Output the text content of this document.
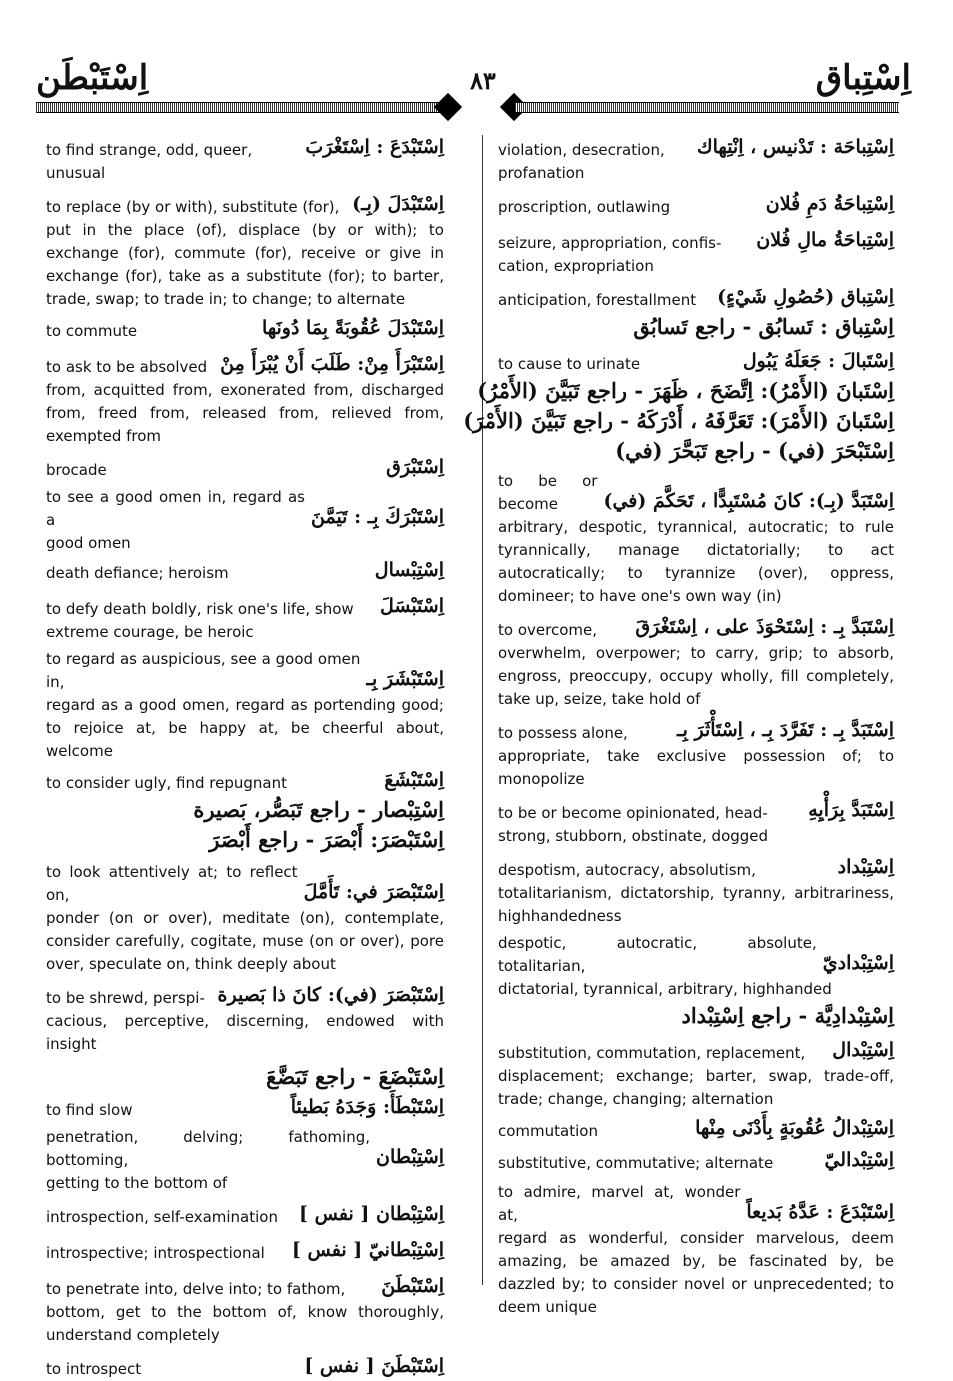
اِسْتَبْطَن	٨٣	اِسْتِباق
اِسْتَبْدَعَ : اِسْتَغْرَبَ
to find strange, odd, queer,
unusual
اِسْتَبْدَلَ (بِـ)
to replace (by or with), substitute (for),
put in the place (of), displace (by or with); to exchange (for), commute (for), receive or give in exchange (for), take as a substitute (for); to barter, trade, swap; to trade in; to change; to alternate
اِسْتَبْدَلَ عُقُوبَةً بِمَا دُونَها
to commute
اِسْتَبْرَأَ مِنْ: طَلَبَ أَنْ يُبْرَأَ مِنْ
to ask to be absolved
from, acquitted from, exonerated from, discharged from, freed from, released from, relieved from, exempted from
اِسْتَبْرَق
brocade
اِسْتَبْرَكَ بِـ : تَيَمَّنَ
to see a good omen in, regard as a
good omen
اِسْتِبْسال
death defiance; heroism
اِسْتَبْسَلَ
to defy death boldly, risk one's life, show
extreme courage, be heroic
اِسْتَبْشَرَ بِـ
to regard as auspicious, see a good omen in,
regard as a good omen, regard as portending good; to rejoice at, be happy at, be cheerful about, welcome
اِسْتَبْشَعَ
to consider ugly, find repugnant
اِسْتِبْصار - راجع تَبَصُّر، بَصيرة
اِسْتَبْصَرَ: أَبْصَرَ - راجع أَبْصَرَ
اِسْتَبْصَرَ في: تَأَمَّلَ
to look attentively at; to reflect on,
ponder (on or over), meditate (on), contemplate, consider carefully, cogitate, muse (on or over), pore over, speculate on, think deeply about
اِسْتَبْصَرَ (في): كانَ ذا بَصيرة
to be shrewd, perspi-
cacious, perceptive, discerning, endowed with insight
اِسْتَبْضَعَ - راجع تَبَضَّعَ
اِسْتَبْطَأَ: وَجَدَهُ بَطيئاً
to find slow
اِسْتِبْطان
penetration, delving; fathoming, bottoming,
getting to the bottom of
اِسْتِبْطان [ نفس ]
introspection, self-examination
اِسْتِبْطانيّ [ نفس ]
introspective; introspectional
اِسْتَبْطَنَ
to penetrate into, delve into; to fathom,
bottom, get to the bottom of, know thoroughly, understand completely
اِسْتَبْطَنَ [ نفس ]
to introspect
اِسْتِباحَة : تَدْنيس ، اِنْتِهاك
violation, desecration,
profanation
اِسْتِباحَةُ دَمِ فُلان
proscription, outlawing
اِسْتِباحَةُ مالِ فُلان
seizure, appropriation, confis-
cation, expropriation
اِسْتِباق (حُصُولِ شَيْءٍ)
anticipation, forestallment
اِسْتِباق : تَسابُق - راجع تَسابُق
اِسْتَبالَ : جَعَلَهُ يَبُول
to cause to urinate
اِسْتَبانَ (الأَمْرُ): اِتَّضَحَ ، ظَهَرَ - راجع تَبَيَّنَ (الأَمْرُ)
اِسْتَبانَ (الأَمْرَ): تَعَرَّفَهُ ، أَدْرَكَهُ - راجع تَبَيَّنَ (الأَمْرَ)
اِسْتَبْحَرَ (في) - راجع تَبَحَّرَ (في)
اِسْتَبَدَّ (بِـ): كانَ مُسْتَبِدًّا ، تَحَكَّمَ (في)
to be or become
arbitrary, despotic, tyrannical, autocratic; to rule tyrannically, manage dictatorially; to act autocratically; to tyrannize (over), oppress, domineer; to have one's own way (in)
اِسْتَبَدَّ بِـ : اِسْتَحْوَذَ على ، اِسْتَغْرَقَ
to overcome,
overwhelm, overpower; to carry, grip; to absorb, engross, preoccupy, occupy wholly, fill completely, take up, seize, take hold of
اِسْتَبَدَّ بِـ : تَفَرَّدَ بِـ ، اِسْتَأْثَرَ بِـ
to possess alone,
appropriate, take exclusive possession of; to monopolize
اِسْتَبَدَّ بِرَأْيِهِ
to be or become opinionated, head-
strong, stubborn, obstinate, dogged
اِسْتِبْداد
despotism, autocracy, absolutism,
totalitarianism, dictatorship, tyranny, arbitrariness, highhandedness
اِسْتِبْداديّ
despotic, autocratic, absolute, totalitarian,
dictatorial, tyrannical, arbitrary, highhanded
اِسْتِبْدادِيَّة - راجع اِسْتِبْداد
اِسْتِبْدال
substitution, commutation, replacement,
displacement; exchange; barter, swap, trade-off, trade; change, changing; alternation
اِسْتِبْدالُ عُقُوبَةٍ بِأَدْنَى مِنْها
commutation
اِسْتِبْداليّ
substitutive, commutative; alternate
اِسْتَبْدَعَ : عَدَّهُ بَديعاً
to admire, marvel at, wonder at,
regard as wonderful, consider marvelous, deem amazing, be amazed by, be fascinated by, be dazzled by; to consider novel or unprecedented; to deem unique
